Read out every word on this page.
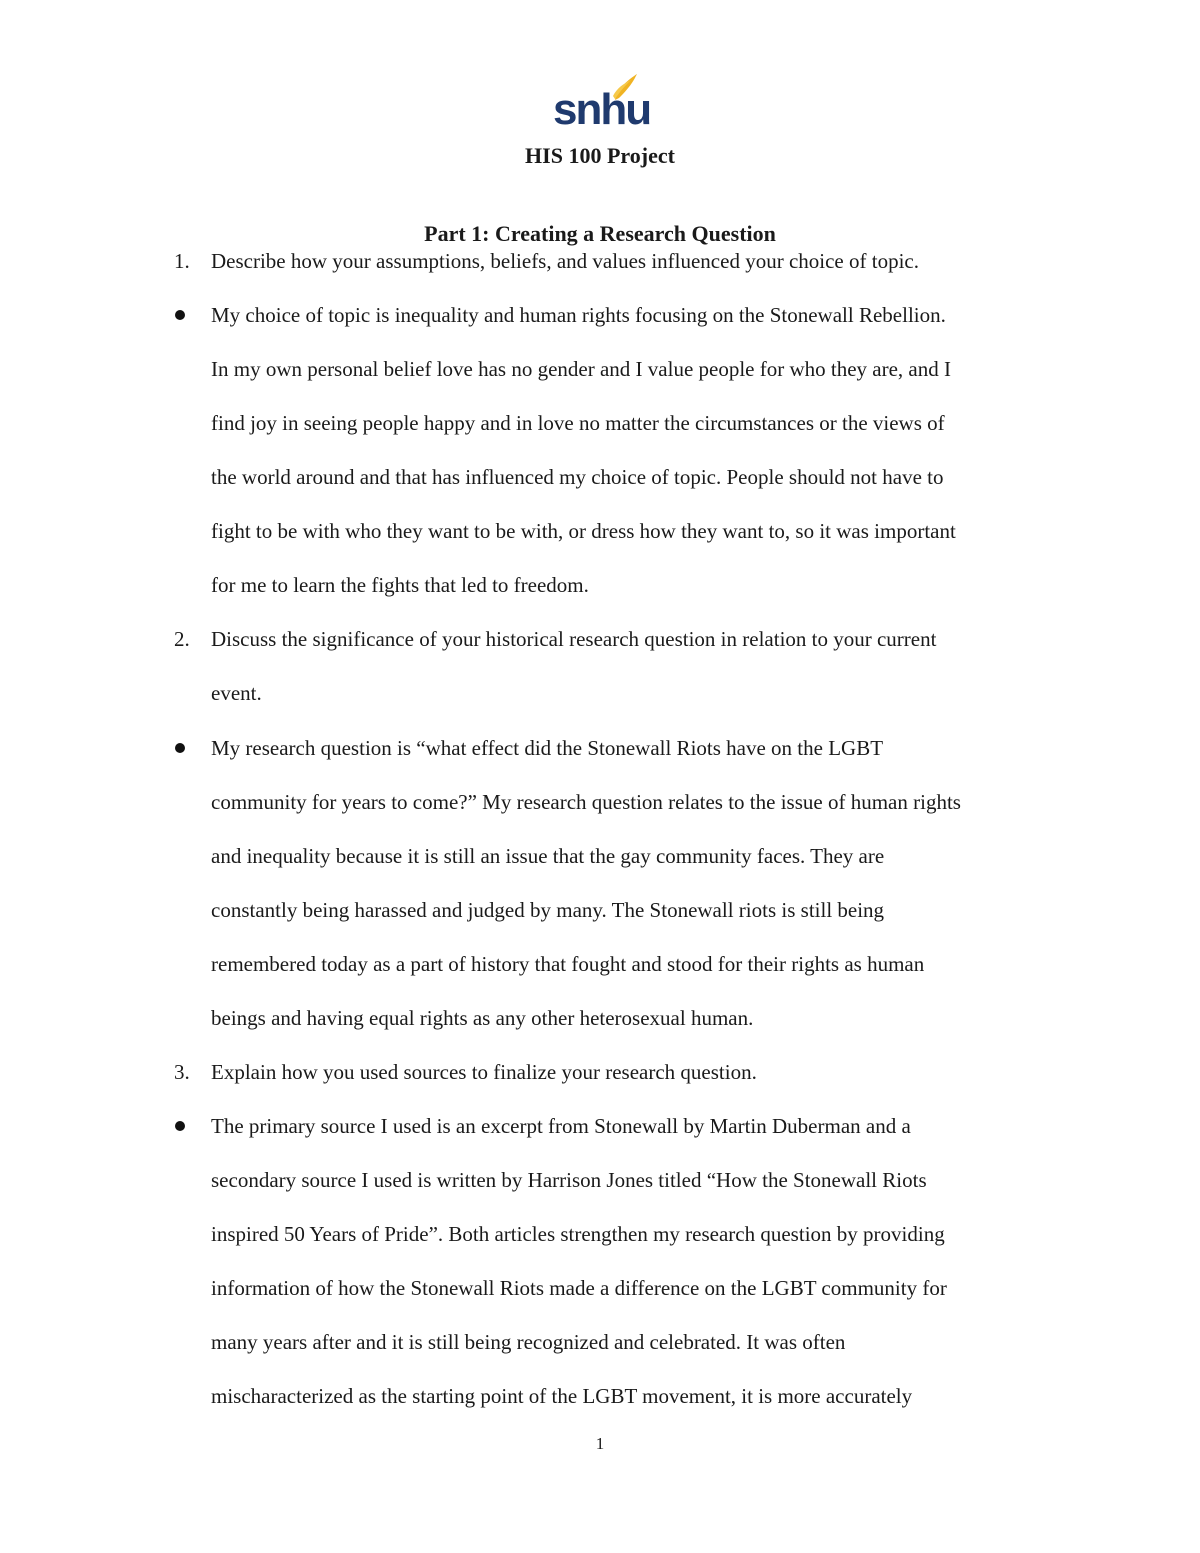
snhu
HIS 100 Project
Part 1: Creating a Research Question
1. Describe how your assumptions, beliefs, and values influenced your choice of topic.
My choice of topic is inequality and human rights focusing on the Stonewall Rebellion.
In my own personal belief love has no gender and I value people for who they are, and I
find joy in seeing people happy and in love no matter the circumstances or the views of
the world around and that has influenced my choice of topic. People should not have to
fight to be with who they want to be with, or dress how they want to, so it was important
for me to learn the fights that led to freedom.
2. Discuss the significance of your historical research question in relation to your current
event.
My research question is “what effect did the Stonewall Riots have on the LGBT
community for years to come?” My research question relates to the issue of human rights
and inequality because it is still an issue that the gay community faces. They are
constantly being harassed and judged by many. The Stonewall riots is still being
remembered today as a part of history that fought and stood for their rights as human
beings and having equal rights as any other heterosexual human.
3. Explain how you used sources to finalize your research question.
The primary source I used is an excerpt from Stonewall by Martin Duberman and a
secondary source I used is written by Harrison Jones titled “How the Stonewall Riots
inspired 50 Years of Pride”. Both articles strengthen my research question by providing
information of how the Stonewall Riots made a difference on the LGBT community for
many years after and it is still being recognized and celebrated. It was often
mischaracterized as the starting point of the LGBT movement, it is more accurately
1
